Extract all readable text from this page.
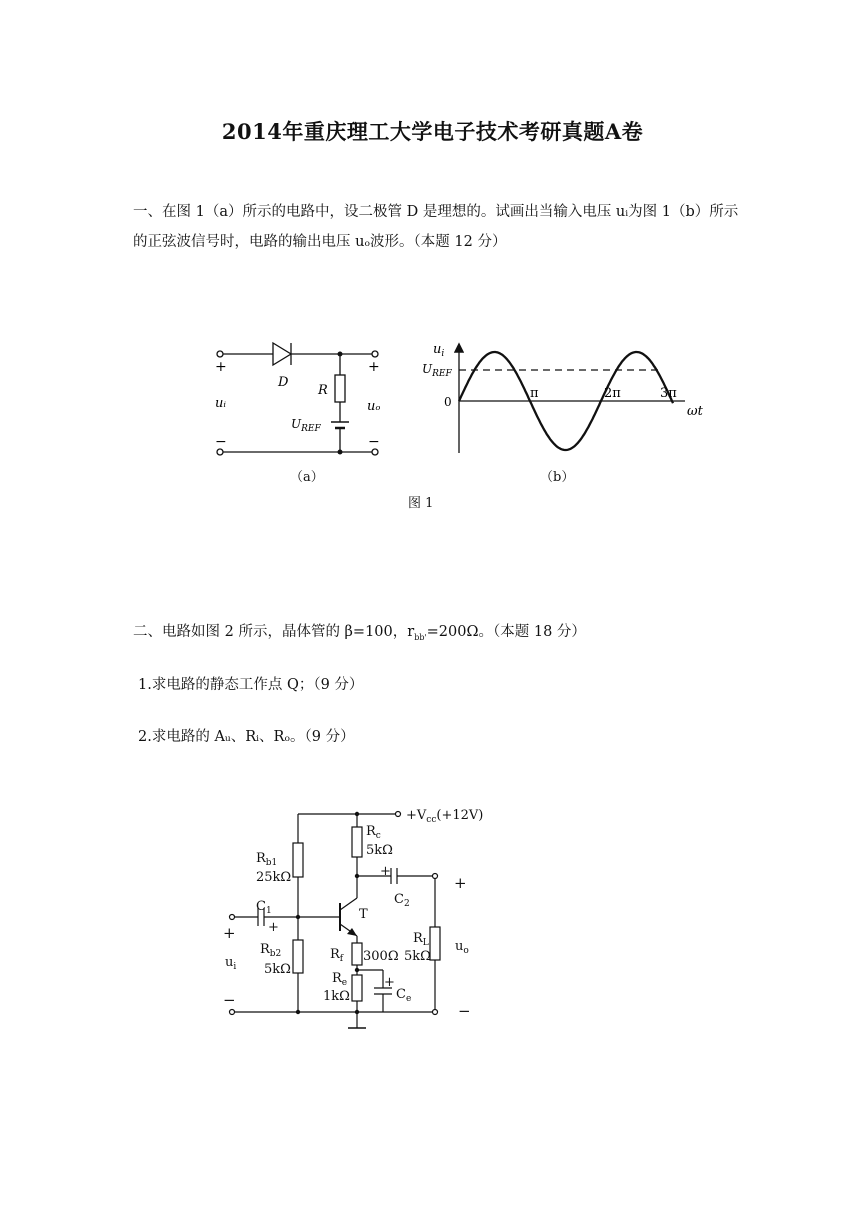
2014年重庆理工大学电子技术考研真题A卷
一、在图 1（a）所示的电路中，设二极管 D 是理想的。试画出当输入电压 uᵢ为图 1（b）所示的正弦波信号时，电路的输出电压 uₒ波形。（本题 12 分）
+
−
+
−
D
R
uᵢ	uₒ
$U_{REF}$
（a）
$u_i$
$U_{REF}$
0
π	2π	3π
ωt
（b）
图 1
二、电路如图 2 所示，晶体管的 β=100，$r_{bb'}=200\Omega$。（本题 18 分）
1.求电路的静态工作点 Q；（9 分）
2.求电路的 Aᵤ、Rᵢ、Rₒ。（9 分）
$+V_{cc}(+12V)$
$R_c$
5kΩ
$R_{b1}$
25kΩ	+
$C_2$
+
$C_1$
+
T
+	$R_L$ $u_o$
$R_{b2}$	$R_f$ 300Ω 5kΩ
$u_i$ 5kΩ
$R_e$	+
$C_e$
1kΩ
−
−
